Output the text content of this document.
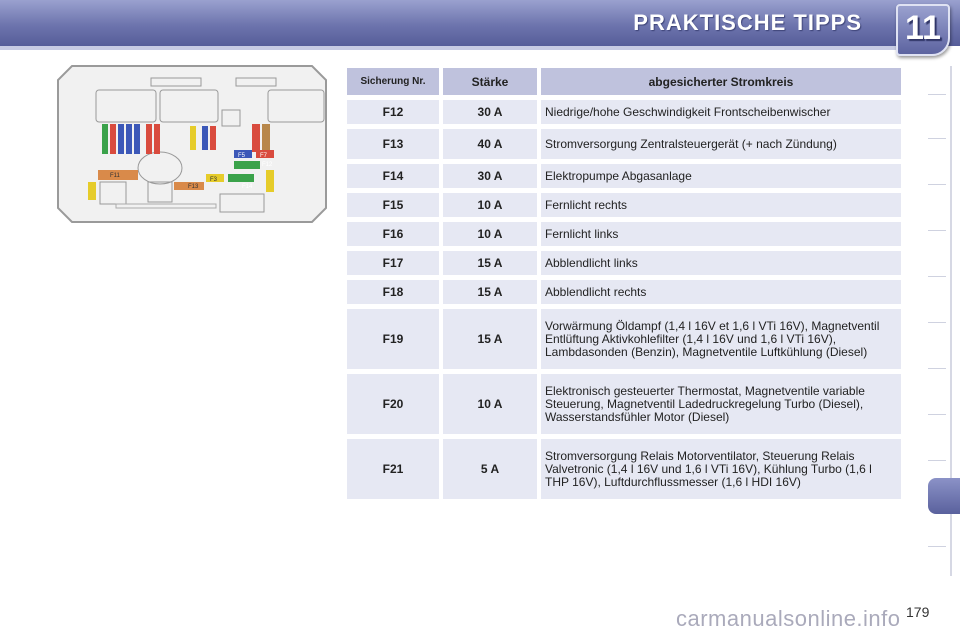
PRAKTISCHE TIPPS 11
F12
F14
F13
F11
F5 F7
F3
Sicherung Nr.	Stärke	abgesicherter Stromkreis
F12	30 A	Niedrige/hohe Geschwindigkeit Frontscheibenwischer
F13	40 A	Stromversorgung Zentralsteuergerät (+ nach Zündung)
F14	30 A	Elektropumpe Abgasanlage
F15	10 A	Fernlicht rechts
F16	10 A	Fernlicht links
F17	15 A	Abblendlicht links
F18	15 A	Abblendlicht rechts
F19	15 A	Vorwärmung Öldampf (1,4 l 16V et 1,6 l VTi 16V), Magnetventil Entlüftung Aktivkohlefilter (1,4 l 16V und 1,6 l VTi 16V), Lambdasonden (Benzin), Magnetventile Luftkühlung (Diesel)
F20	10 A	Elektronisch gesteuerter Thermostat, Magnetventile variable Steuerung, Magnetventil Ladedruckregelung Turbo (Diesel), Wasserstandsfühler Motor (Diesel)
F21	5 A	Stromversorgung Relais Motorventilator, Steuerung Relais Valvetronic (1,4 l 16V und 1,6 l VTi 16V), Kühlung Turbo (1,6 l THP 16V), Luftdurchflussmesser (1,6 l HDI 16V)
carmanualsonline.info 179
